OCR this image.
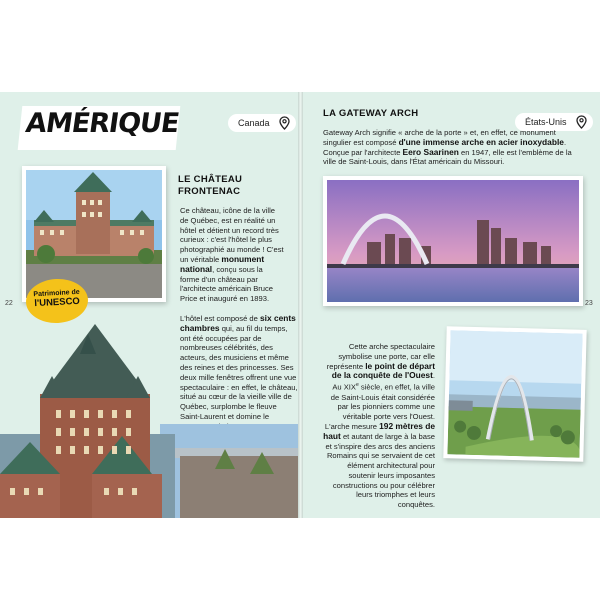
AMÉRIQUE	Canada
Patrimoine de
l'UNESCO
LE CHÂTEAU
FRONTENAC
Ce château, icône de la ville de Québec, est en réalité un hôtel et détient un record très curieux : c'est l'hôtel le plus photographié au monde ! C'est un véritable monument national, conçu sous la forme d'un château par l'architecte américain Bruce Price et inauguré en 1893.
22
L'hôtel est composé de six cents chambres qui, au fil du temps, ont été occupées par de nombreuses célébrités, des acteurs, des musiciens et même des reines et des princesses. Ses deux mille fenêtres offrent une vue spectaculaire : en effet, le château, situé au cœur de la vieille ville de Québec, surplombe le fleuve Saint-Laurent et domine le
LA GATEWAY ARCH
États-Unis
Gateway Arch signifie « arche de la porte » et, en effet, ce monument singulier est composé d'une immense arche en acier inoxydable. Conçue par l'architecte Eero Saarinen en 1947, elle est l'emblème de la ville de Saint-Louis, dans l'État américain du Missouri.
23
Cette arche spectaculaire symbolise une porte, car elle représente le point de départ de la conquête de l'Ouest. Au XIXe siècle, en effet, la ville de Saint-Louis était considérée par les pionniers comme une véritable porte vers l'Ouest. L'arche mesure 192 mètres de haut et autant de large à la base et s'inspire des arcs des anciens Romains qui se servaient de cet élément architectural pour soutenir leurs imposantes constructions ou pour célébrer leurs triomphes et leurs conquêtes.
